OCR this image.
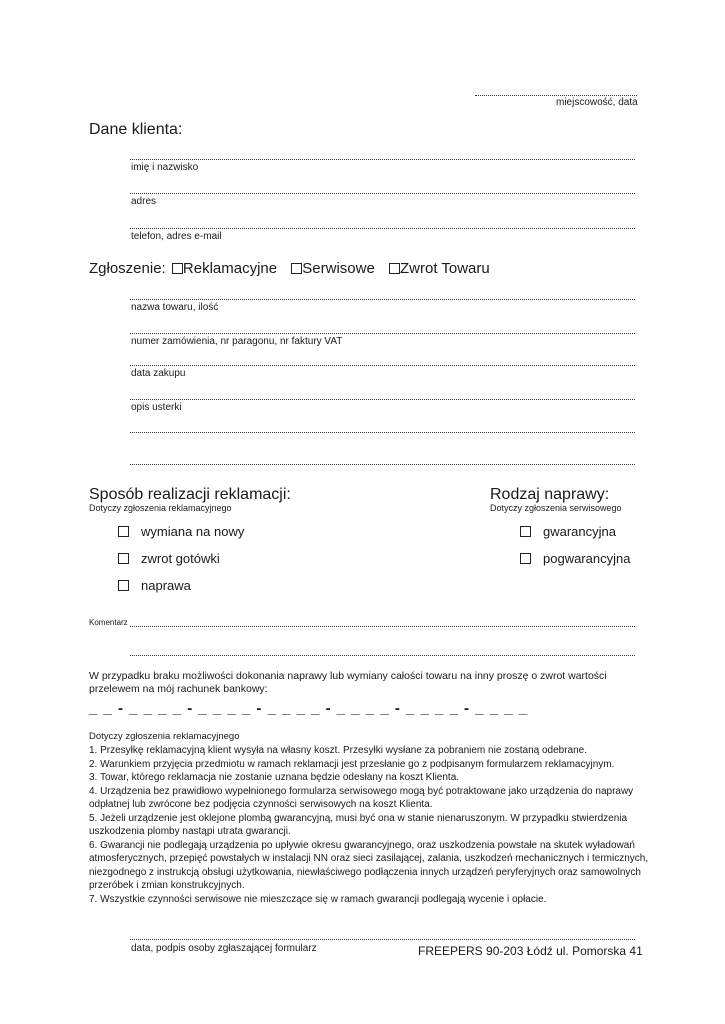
miejscowość, data
Dane klienta:
imię i nazwisko
adres
telefon, adres e-mail
Zgłoszenie: Reklamacyjne Serwisowe Zwrot Towaru
nazwa towaru, ilość
numer zamówienia, nr paragonu, nr faktury VAT
data zakupu
opis usterki
Sposób realizacji reklamacji:
Dotyczy zgłoszenia reklamacyjnego
wymiana na nowy
zwrot gotówki
naprawa
Rodzaj naprawy:
Dotyczy zgłoszenia serwisowego
gwarancyjna
pogwarancyjna
Komentarz
W przypadku braku możliwości dokonania naprawy lub wymiany całości towaru na inny proszę o zwrot wartości przelewem na mój rachunek bankowy:
_ _ - _ _ _ _ - _ _ _ _ - _ _ _ _ - _ _ _ _ - _ _ _ _ - _ _ _ _
Dotyczy zgłoszenia reklamacyjnego
1. Przesyłkę reklamacyjną klient wysyła na własny koszt. Przesyłki wysłane za pobraniem nie zostaną odebrane.
2. Warunkiem przyjęcia przedmiotu w ramach reklamacji jest przesłanie go z podpisanym formularzem reklamacyjnym.
3. Towar, którego reklamacja nie zostanie uznana będzie odesłany na koszt Klienta.
4. Urządzenia bez prawidłowo wypełnionego formularza serwisowego mogą być potraktowane jako urządzenia do naprawy odpłatnej lub zwrócone bez podjęcia czynności serwisowych na koszt Klienta.
5. Jeżeli urządzenie jest oklejone plombą gwarancyjną, musi być ona w stanie nienaruszonym. W przypadku stwierdzenia uszkodzenia plomby nastąpi utrata gwarancji.
6. Gwarancji nie podlegają urządzenia po upływie okresu gwarancyjnego, oraz uszkodzenia powstałe na skutek wyładowań atmosferycznych, przepięć powstałych w instalacji NN oraz sieci zasilającej, zalania, uszkodzeń mechanicznych i termicznych, niezgodnego z instrukcją obsługi użytkowania, niewłaściwego podłączenia innych urządzeń peryferyjnych oraz samowolnych przeróbek i zmian konstrukcyjnych.
7. Wszystkie czynności serwisowe nie mieszczące się w ramach gwarancji podlegają wycenie i opłacie.
data, podpis osoby zgłaszającej formularz	FREEPERS 90-203 Łódź ul. Pomorska 41
